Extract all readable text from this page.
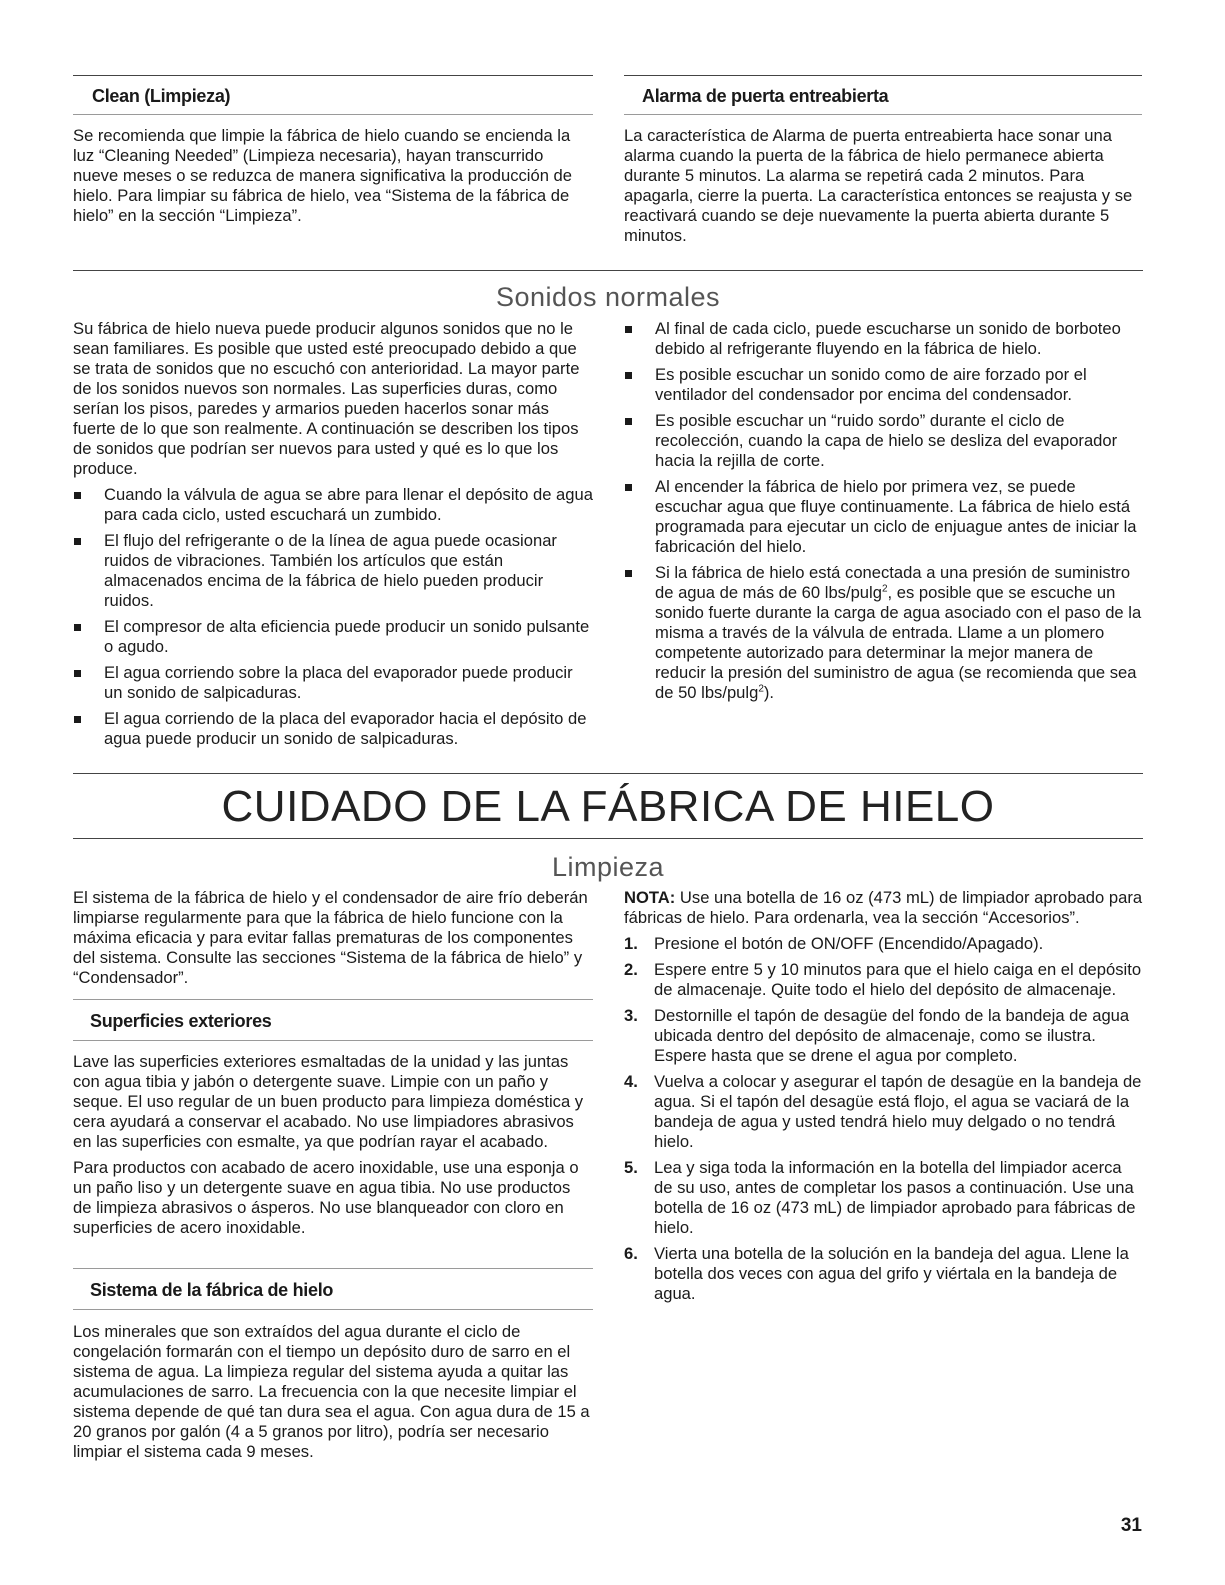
Clean (Limpieza)

Se recomienda que limpie la fábrica de hielo cuando se encienda la luz “Cleaning Needed” (Limpieza necesaria), hayan transcurrido nueve meses o se reduzca de manera significativa la producción de hielo. Para limpiar su fábrica de hielo, vea “Sistema de la fábrica de hielo” en la sección “Limpieza”.

Alarma de puerta entreabierta

La característica de Alarma de puerta entreabierta hace sonar una alarma cuando la puerta de la fábrica de hielo permanece abierta durante 5 minutos. La alarma se repetirá cada 2 minutos. Para apagarla, cierre la puerta. La característica entonces se reajusta y se reactivará cuando se deje nuevamente la puerta abierta durante 5 minutos.

Sonidos normales

Su fábrica de hielo nueva puede producir algunos sonidos que no le sean familiares. Es posible que usted esté preocupado debido a que se trata de sonidos que no escuchó con anterioridad. La mayor parte de los sonidos nuevos son normales. Las superficies duras, como serían los pisos, paredes y armarios pueden hacerlos sonar más fuerte de lo que son realmente. A continuación se describen los tipos de sonidos que podrían ser nuevos para usted y qué es lo que los produce.

Cuando la válvula de agua se abre para llenar el depósito de agua para cada ciclo, usted escuchará un zumbido.
El flujo del refrigerante o de la línea de agua puede ocasionar ruidos de vibraciones. También los artículos que están almacenados encima de la fábrica de hielo pueden producir ruidos.
El compresor de alta eficiencia puede producir un sonido pulsante o agudo.
El agua corriendo sobre la placa del evaporador puede producir un sonido de salpicaduras.
El agua corriendo de la placa del evaporador hacia el depósito de agua puede producir un sonido de salpicaduras.
Al final de cada ciclo, puede escucharse un sonido de borboteo debido al refrigerante fluyendo en la fábrica de hielo.
Es posible escuchar un sonido como de aire forzado por el ventilador del condensador por encima del condensador.
Es posible escuchar un “ruido sordo” durante el ciclo de recolección, cuando la capa de hielo se desliza del evaporador hacia la rejilla de corte.
Al encender la fábrica de hielo por primera vez, se puede escuchar agua que fluye continuamente. La fábrica de hielo está programada para ejecutar un ciclo de enjuague antes de iniciar la fabricación del hielo.
Si la fábrica de hielo está conectada a una presión de suministro de agua de más de 60 lbs/pulg$^2$, es posible que se escuche un sonido fuerte durante la carga de agua asociado con el paso de la misma a través de la válvula de entrada. Llame a un plomero competente autorizado para determinar la mejor manera de reducir la presión del suministro de agua (se recomienda que sea de 50 lbs/pulg$^2$).
CUIDADO DE LA FÁBRICA DE HIELO
Limpieza

El sistema de la fábrica de hielo y el condensador de aire frío deberán limpiarse regularmente para que la fábrica de hielo funcione con la máxima eficacia y para evitar fallas prematuras de los componentes del sistema. Consulte las secciones “Sistema de la fábrica de hielo” y “Condensador”.

Superficies exteriores

Lave las superficies exteriores esmaltadas de la unidad y las juntas con agua tibia y jabón o detergente suave. Limpie con un paño y seque. El uso regular de un buen producto para limpieza doméstica y cera ayudará a conservar el acabado. No use limpiadores abrasivos en las superficies con esmalte, ya que podrían rayar el acabado.

Para productos con acabado de acero inoxidable, use una esponja o un paño liso y un detergente suave en agua tibia. No use productos de limpieza abrasivos o ásperos. No use blanqueador con cloro en superficies de acero inoxidable.

Sistema de la fábrica de hielo

Los minerales que son extraídos del agua durante el ciclo de congelación formarán con el tiempo un depósito duro de sarro en el sistema de agua. La limpieza regular del sistema ayuda a quitar las acumulaciones de sarro. La frecuencia con la que necesite limpiar el sistema depende de qué tan dura sea el agua. Con agua dura de 15 a 20 granos por galón (4 a 5 granos por litro), podría ser necesario limpiar el sistema cada 9 meses.

NOTA: Use una botella de 16 oz (473 mL) de limpiador aprobado para fábricas de hielo. Para ordenarla, vea la sección “Accesorios”.

1. Presione el botón de ON/OFF (Encendido/Apagado).
2. Espere entre 5 y 10 minutos para que el hielo caiga en el depósito de almacenaje. Quite todo el hielo del depósito de almacenaje.
3. Destornille el tapón de desagüe del fondo de la bandeja de agua ubicada dentro del depósito de almacenaje, como se ilustra. Espere hasta que se drene el agua por completo.
4. Vuelva a colocar y asegurar el tapón de desagüe en la bandeja de agua. Si el tapón del desagüe está flojo, el agua se vaciará de la bandeja de agua y usted tendrá hielo muy delgado o no tendrá hielo.
5. Lea y siga toda la información en la botella del limpiador acerca de su uso, antes de completar los pasos a continuación. Use una botella de 16 oz (473 mL) de limpiador aprobado para fábricas de hielo.
6. Vierta una botella de la solución en la bandeja del agua. Llene la botella dos veces con agua del grifo y viértala en la bandeja de agua.
31
